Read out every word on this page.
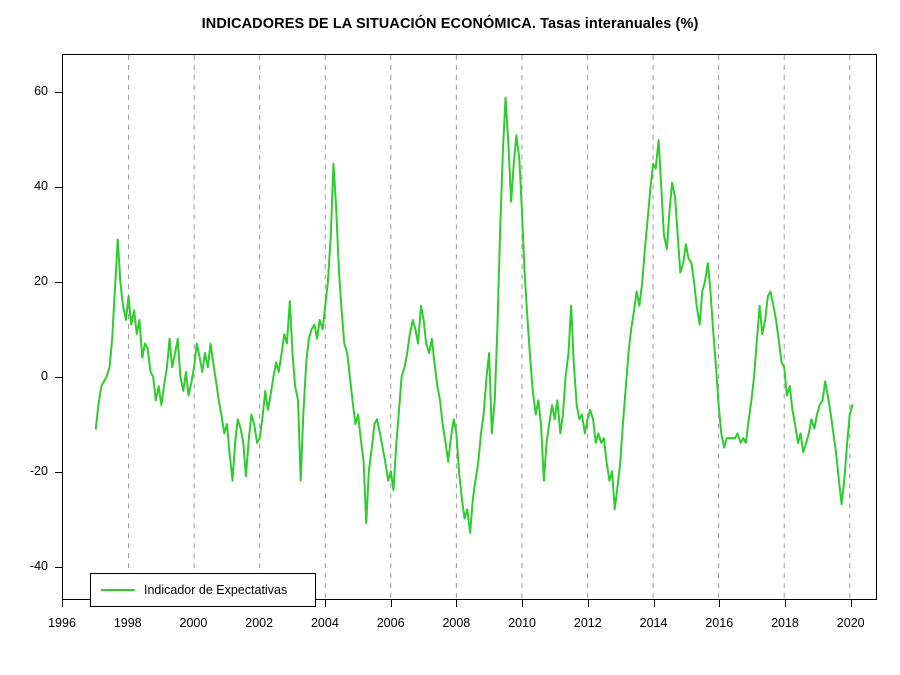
INDICADORES DE LA SITUACIÓN ECONÓMICA. Tasas interanuales (%)
-40
-20
0
20
40
60
1996	1998	2000	2002	2004	2006	2008	2010	2012	2014	2016	2018	2020
Indicador de Expectativas
